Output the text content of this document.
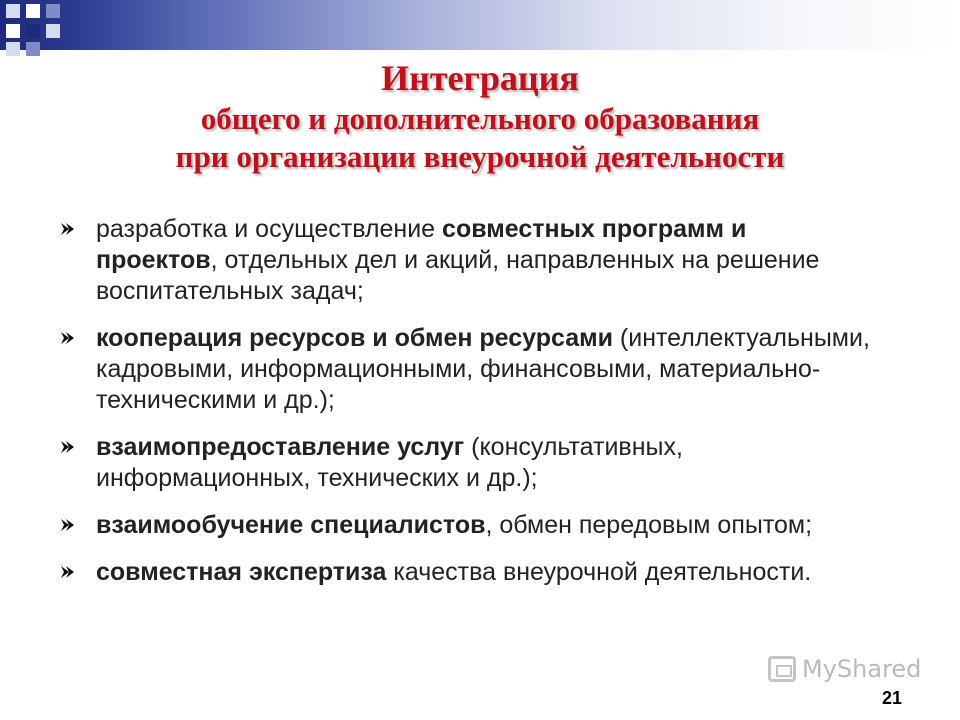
Интеграция
общего и дополнительного образования
при организации внеурочной деятельности
разработка и осуществление совместных программ и проектов, отдельных дел и акций, направленных на решение воспитательных задач;
кооперация ресурсов и обмен ресурсами (интеллектуальными, кадровыми, информационными, финансовыми, материально-техническими и др.);
взаимопредоставление услуг (консультативных, информационных, технических и др.);
взаимообучение специалистов, обмен передовым опытом;
совместная экспертиза качества внеурочной деятельности.
MyShared
21
